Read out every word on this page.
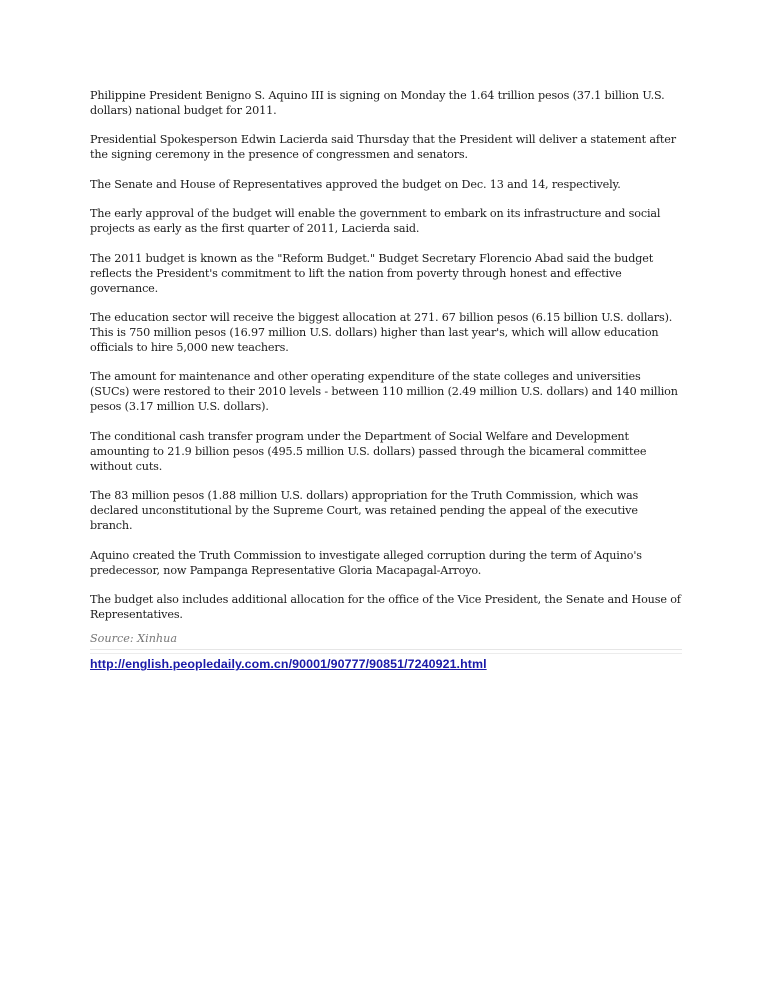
Philippine President Benigno S. Aquino III is signing on Monday the 1.64 trillion pesos (37.1 billion U.S. dollars) national budget for 2011.

Presidential Spokesperson Edwin Lacierda said Thursday that the President will deliver a statement after the signing ceremony in the presence of congressmen and senators.

The Senate and House of Representatives approved the budget on Dec. 13 and 14, respectively.

The early approval of the budget will enable the government to embark on its infrastructure and social projects as early as the first quarter of 2011, Lacierda said.

The 2011 budget is known as the "Reform Budget." Budget Secretary Florencio Abad said the budget reflects the President's commitment to lift the nation from poverty through honest and effective governance.

The education sector will receive the biggest allocation at 271. 67 billion pesos (6.15 billion U.S. dollars). This is 750 million pesos (16.97 million U.S. dollars) higher than last year's, which will allow education officials to hire 5,000 new teachers.

The amount for maintenance and other operating expenditure of the state colleges and universities (SUCs) were restored to their 2010 levels - between 110 million (2.49 million U.S. dollars) and 140 million pesos (3.17 million U.S. dollars).

The conditional cash transfer program under the Department of Social Welfare and Development amounting to 21.9 billion pesos (495.5 million U.S. dollars) passed through the bicameral committee without cuts.

The 83 million pesos (1.88 million U.S. dollars) appropriation for the Truth Commission, which was declared unconstitutional by the Supreme Court, was retained pending the appeal of the executive branch.

Aquino created the Truth Commission to investigate alleged corruption during the term of Aquino's predecessor, now Pampanga Representative Gloria Macapagal-Arroyo.

The budget also includes additional allocation for the office of the Vice President, the Senate and House of Representatives.

Source: Xinhua
http://english.peopledaily.com.cn/90001/90777/90851/7240921.html
